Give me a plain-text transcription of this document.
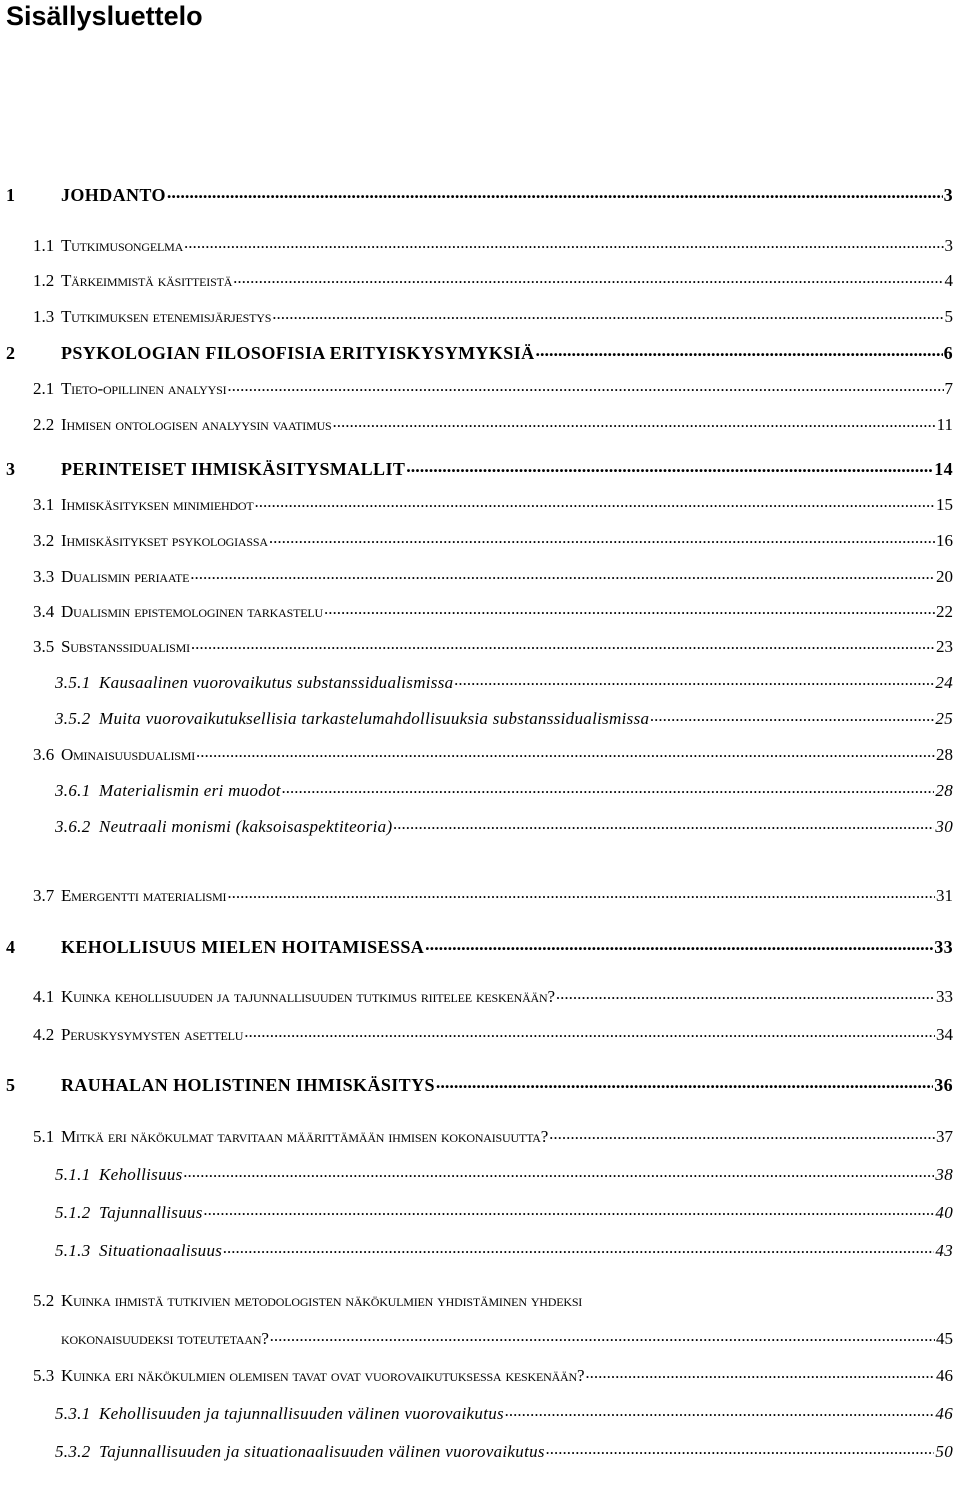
Sisällysluettelo
1	JOHDANTO .....	3
1.1 Tutkimusongelma .....	3
1.2 Tärkeimmistä käsitteistä .....	4
1.3 Tutkimuksen etenemisjärjestys .....	5
2	PSYKOLOGIAN FILOSOFISIA ERITYISKYSYMYKSIÄ .....	6
2.1 Tieto-opillinen analyysi .....	7
2.2 Ihmisen ontologisen analyysin vaatimus .....	11
3	PERINTEISET IHMISKÄSITYSMALLIT .....	14
3.1 Ihmiskäsityksen minimiehdot .....	15
3.2 Ihmiskäsitykset psykologiassa .....	16
3.3 Dualismin periaate .....	20
3.4 Dualismin epistemologinen tarkastelu .....	22
3.5 Substanssidualismi .....	23
3.5.1 Kausaalinen vuorovaikutus substanssidualismissa .....	24
3.5.2 Muita vuorovaikutuksellisia tarkastelumahdollisuuksia substanssidualismissa .....	25
3.6 Ominaisuusdualismi .....	28
3.6.1 Materialismin eri muodot .....	28
3.6.2 Neutraali monismi (kaksoisaspektiteoria) .....	30
3.7 Emergentti materialismi .....	31
4	KEHOLLISUUS MIELEN HOITAMISESSA .....	33
4.1 Kuinka kehollisuuden ja tajunnallisuuden tutkimus riitelee keskenään? .....	33
4.2 Peruskysymysten asettelu .....	34
5	RAUHALAN HOLISTINEN IHMISKÄSITYS .....	36
5.1 Mitkä eri näkökulmat tarvitaan määrittämään ihmisen kokonaisuutta? .....	37
5.1.1 Kehollisuus .....	38
5.1.2 Tajunnallisuus .....	40
5.1.3 Situationaalisuus .....	43
5.2 Kuinka ihmistä tutkivien metodologisten näkökulmien yhdistäminen yhdeksi
kokonaisuudeksi toteutetaan? .....	45
5.3 Kuinka eri näkökulmien olemisen tavat ovat vuorovaikutuksessa keskenään? .....	46
5.3.1 Kehollisuuden ja tajunnallisuuden välinen vuorovaikutus .....	46
5.3.2 Tajunnallisuuden ja situationaalisuuden välinen vuorovaikutus .....	50
